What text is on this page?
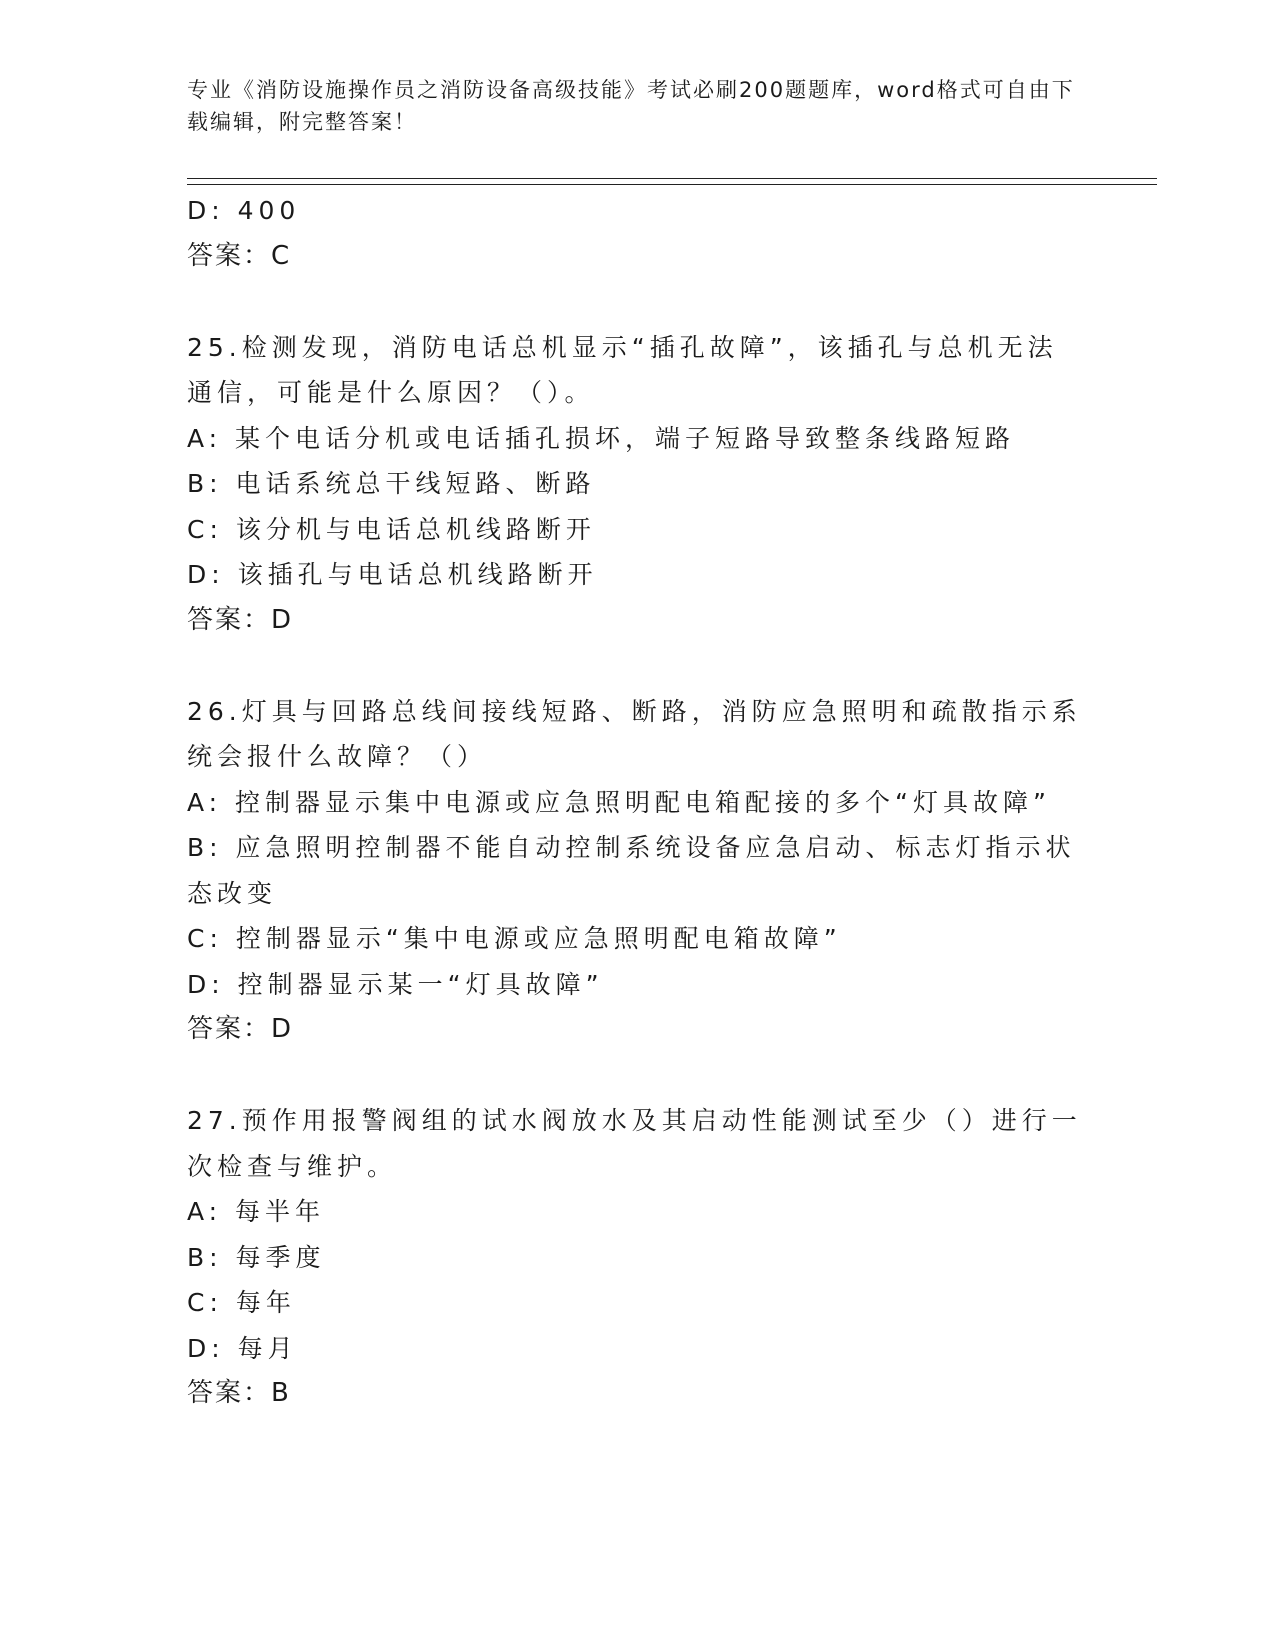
专业《消防设施操作员之消防设备高级技能》考试必刷200题题库，word格式可自由下载编辑，附完整答案！
D: 400
答案：C
25.检测发现，消防电话总机显示“插孔故障”，该插孔与总机无法通信，可能是什么原因？（）。
A: 某个电话分机或电话插孔损坏，端子短路导致整条线路短路
B: 电话系统总干线短路、断路
C: 该分机与电话总机线路断开
D: 该插孔与电话总机线路断开
答案：D
26.灯具与回路总线间接线短路、断路，消防应急照明和疏散指示系统会报什么故障？（）
A: 控制器显示集中电源或应急照明配电箱配接的多个“灯具故障”
B: 应急照明控制器不能自动控制系统设备应急启动、标志灯指示状态改变
C: 控制器显示“集中电源或应急照明配电箱故障”
D: 控制器显示某一“灯具故障”
答案：D
27.预作用报警阀组的试水阀放水及其启动性能测试至少（）进行一次检查与维护。
A: 每半年
B: 每季度
C: 每年
D: 每月
答案：B
